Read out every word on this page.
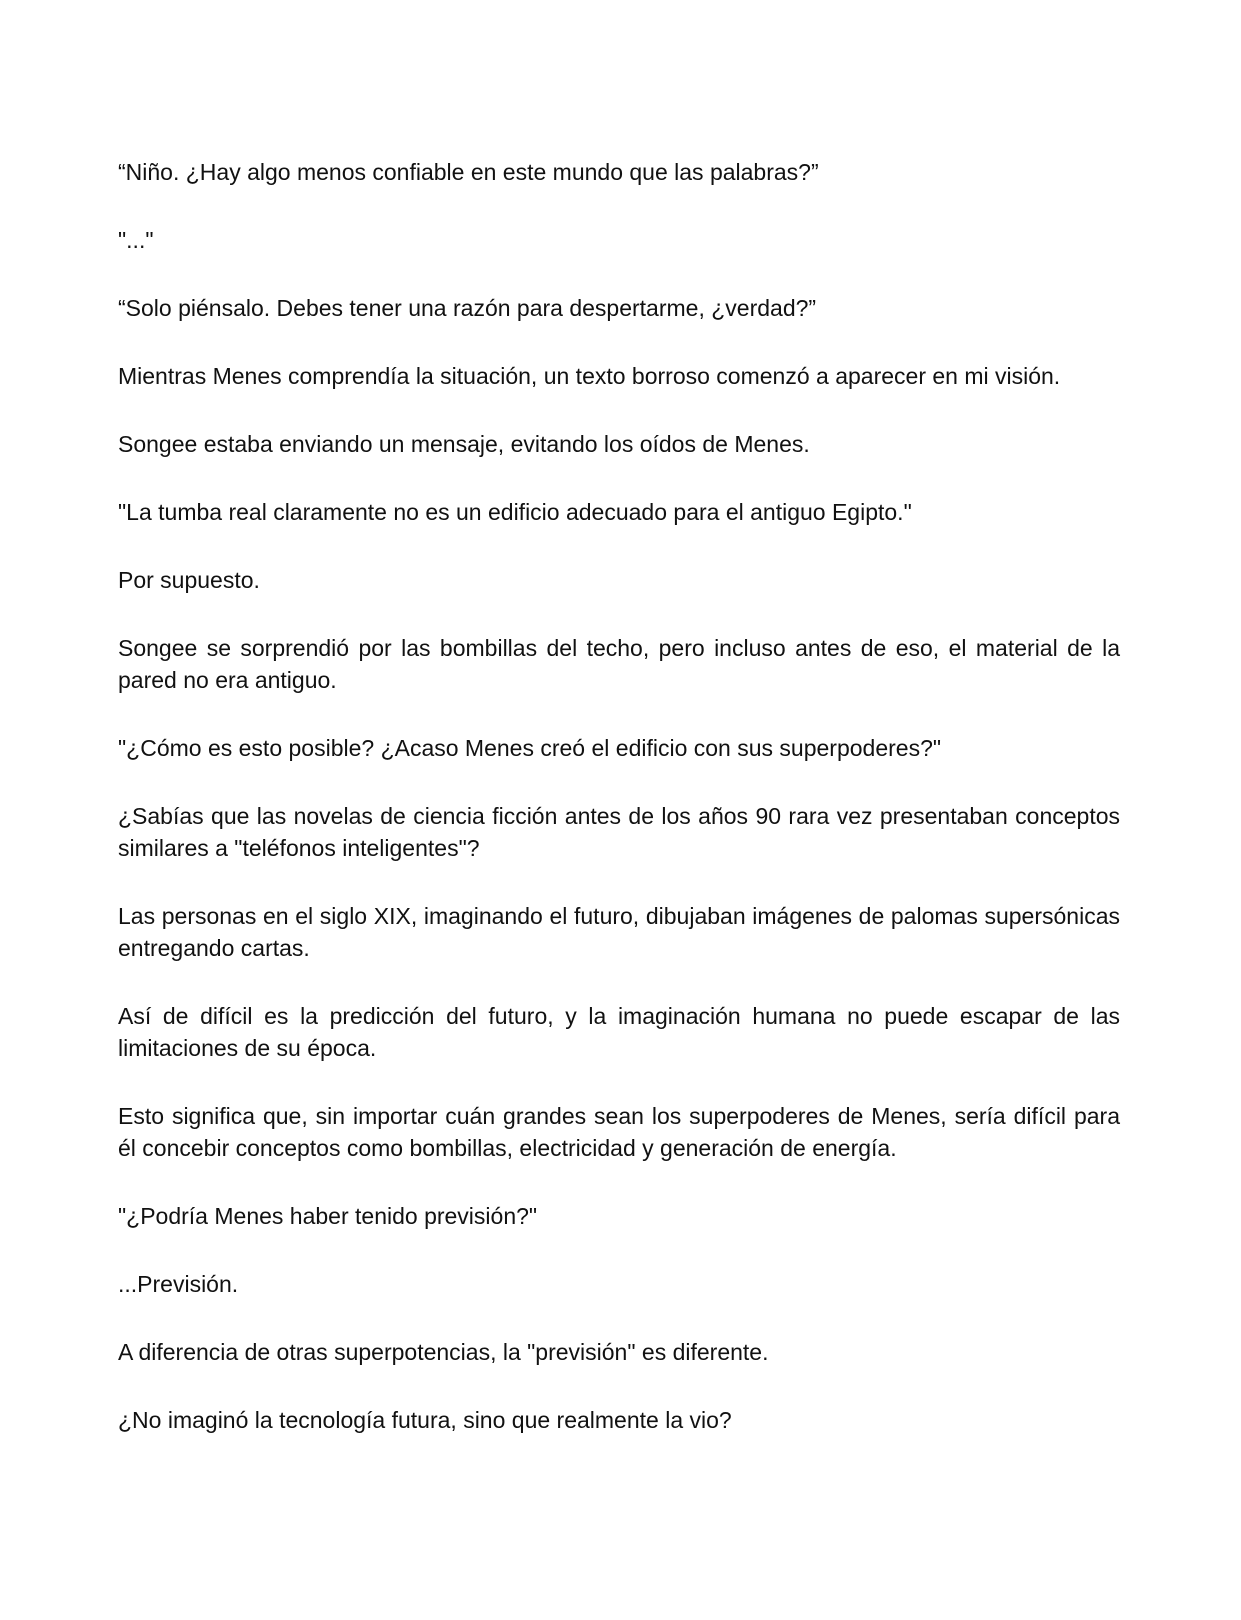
“Niño. ¿Hay algo menos confiable en este mundo que las palabras?”

"..."

“Solo piénsalo. Debes tener una razón para despertarme, ¿verdad?”

Mientras Menes comprendía la situación, un texto borroso comenzó a aparecer en mi visión.

Songee estaba enviando un mensaje, evitando los oídos de Menes.

"La tumba real claramente no es un edificio adecuado para el antiguo Egipto."

Por supuesto.

Songee se sorprendió por las bombillas del techo, pero incluso antes de eso, el material de la pared no era antiguo.

"¿Cómo es esto posible? ¿Acaso Menes creó el edificio con sus superpoderes?"

¿Sabías que las novelas de ciencia ficción antes de los años 90 rara vez presentaban conceptos similares a "teléfonos inteligentes"?

Las personas en el siglo XIX, imaginando el futuro, dibujaban imágenes de palomas supersónicas entregando cartas.

Así de difícil es la predicción del futuro, y la imaginación humana no puede escapar de las limitaciones de su época.

Esto significa que, sin importar cuán grandes sean los superpoderes de Menes, sería difícil para él concebir conceptos como bombillas, electricidad y generación de energía.

"¿Podría Menes haber tenido previsión?"

...Previsión.

A diferencia de otras superpotencias, la "previsión" es diferente.

¿No imaginó la tecnología futura, sino que realmente la vio?
